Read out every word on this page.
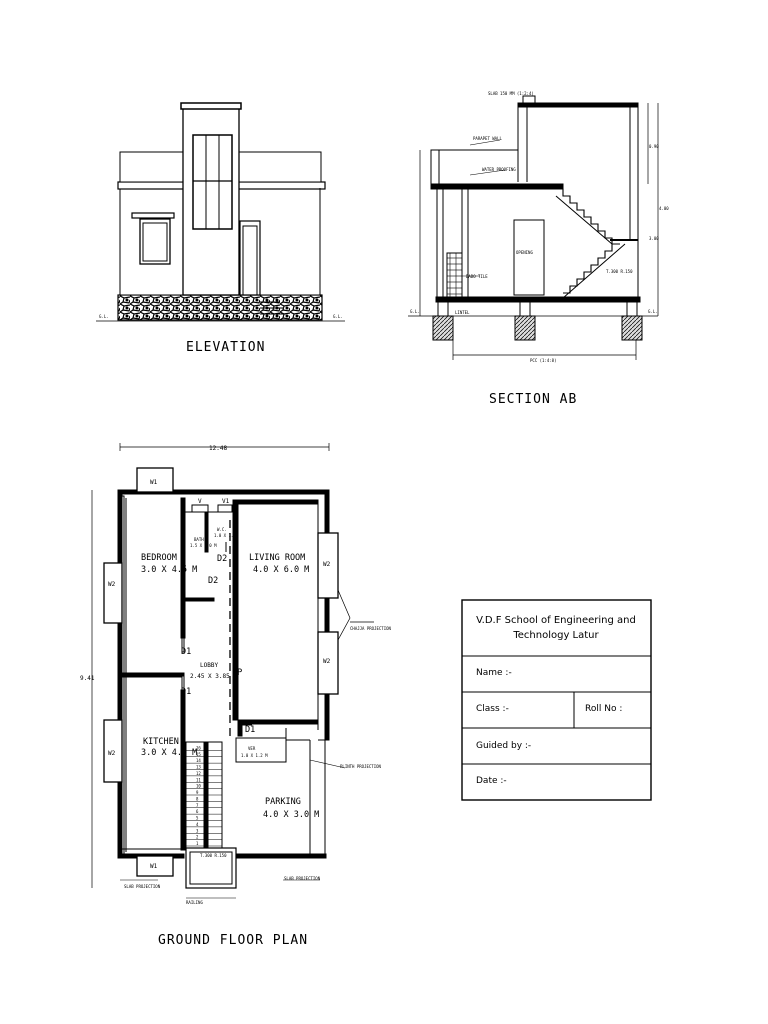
G.L.	G.L.
ELEVATION
SLAB 150 MM (1:2:4)
PARAPET WALL
WATER PROOFING
OPENING
DADO TILE
LINTEL
T.300 R.150
PCC (1:4:8)
G.L.	G.L.
0.90
3.00
4.00
SECTION AB
16
15
14
13
12
11
10
9
8
7
6
5
4
3
2
1
12.48
9.41
W1
W1
V	V1
BATH
1.5 X 2.0 M
W.C.
1.0 X 1.5
BEDROOM
3.0 X 4.5 M
D2
D2	LIVING ROOM
4.0 X 6.0 M
W2
W2
W2
W2
D1
D1
D1
LOBBY
2.45 X 3.85 M
OP
KITCHEN
3.0 X 4.5 M	VER
1.0 X 1.2 M
PARKING
4.0 X 3.0 M
CHAJJA PROJECTION
PLINTH PROJECTION
SLAB PROJECTION
SLAB PROJECTION
T.300 R.150
RAILING
GROUND FLOOR PLAN
V.D.F School of Engineering and
Technology Latur
Name :-
Class :-	Roll No :
Guided by :-
Date :-
